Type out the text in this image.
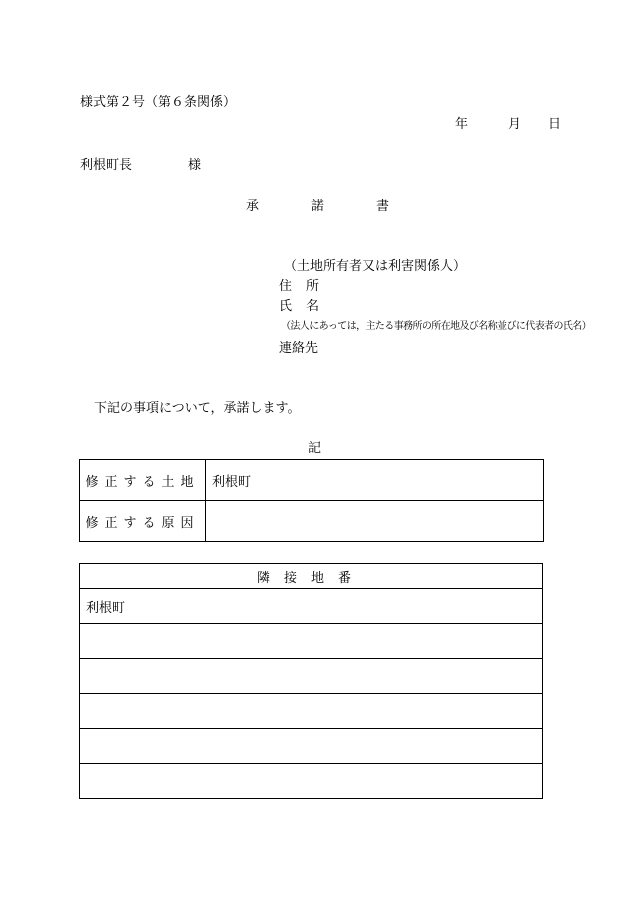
様式第２号（第６条関係）
年	月 日
利根町長	様
承	諾	書
（土地所有者又は利害関係人）
住 所
氏 名
（法人にあっては，主たる事務所の所在地及び名称並びに代表者の氏名）
連絡先
下記の事項について，承諾します。
記
修正する土地	利根町
修正する原因	
隣接地番
利根町
